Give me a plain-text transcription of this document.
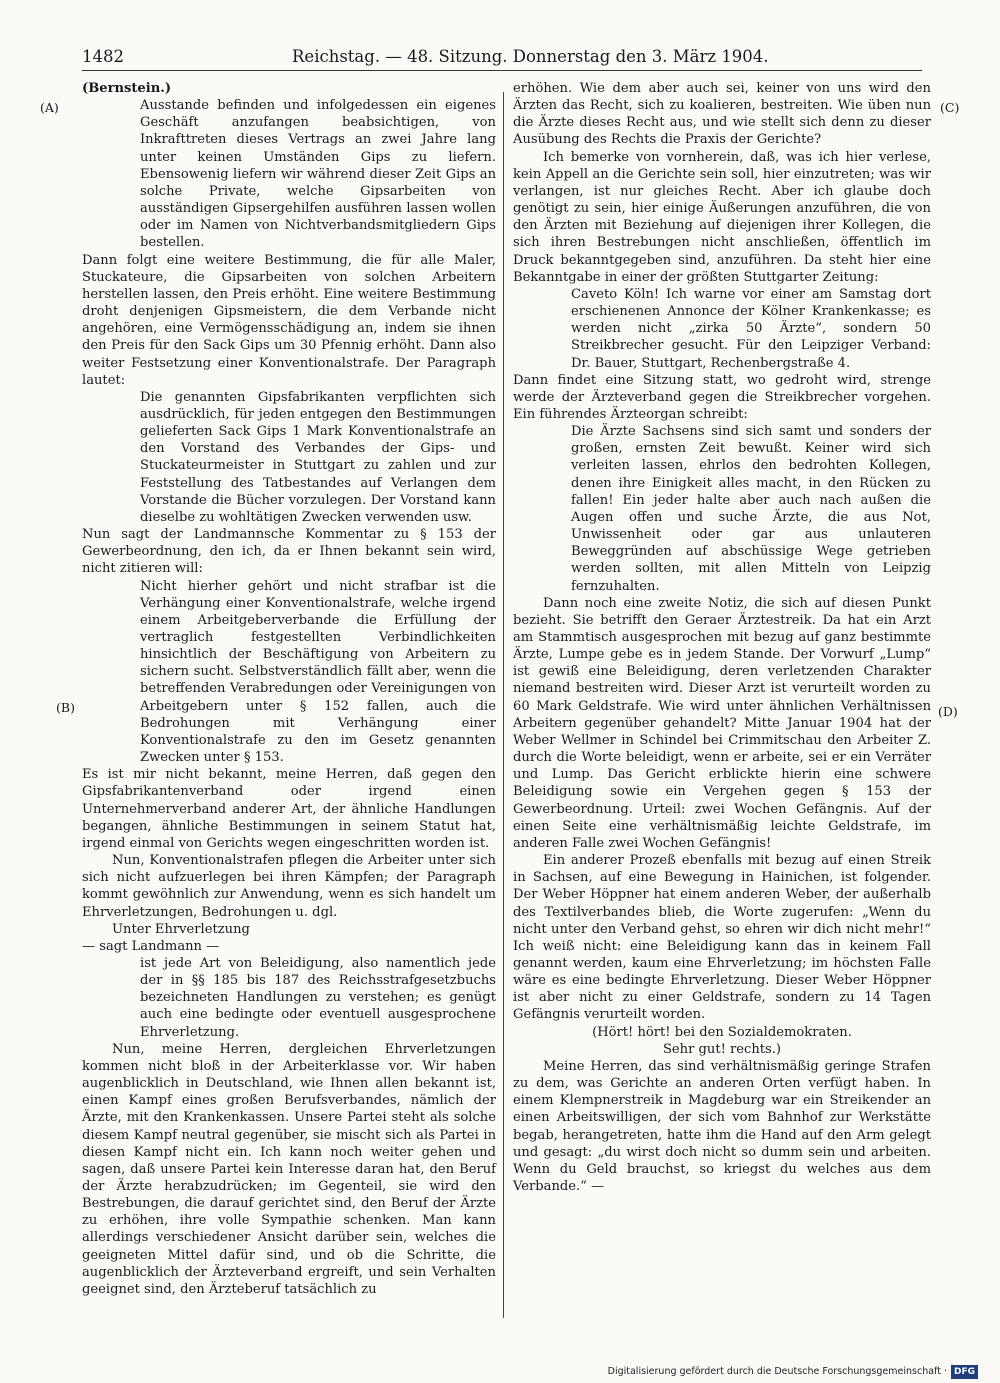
1482	Reichstag. — 48. Sitzung. Donnerstag den 3. März 1904.
(A)
(B)
(C)
(D)

(Bernstein.)

Ausstande befinden und infolgedessen ein eigenes Geschäft anzufangen beabsichtigen, von Inkrafttreten dieses Vertrags an zwei Jahre lang unter keinen Umständen Gips zu liefern. Ebensowenig liefern wir während dieser Zeit Gips an solche Private, welche Gipsarbeiten von ausständigen Gipsergehilfen ausführen lassen wollen oder im Namen von Nichtverbandsmitgliedern Gips bestellen.

Dann folgt eine weitere Bestimmung, die für alle Maler, Stuckateure, die Gipsarbeiten von solchen Arbeitern herstellen lassen, den Preis erhöht. Eine weitere Bestimmung droht denjenigen Gipsmeistern, die dem Verbande nicht angehören, eine Vermögensschädigung an, indem sie ihnen den Preis für den Sack Gips um 30 Pfennig erhöht. Dann also weiter Festsetzung einer Konventionalstrafe. Der Paragraph lautet:

Die genannten Gipsfabrikanten verpflichten sich ausdrücklich, für jeden entgegen den Bestimmungen gelieferten Sack Gips 1 Mark Konventionalstrafe an den Vorstand des Verbandes der Gips- und Stuckateurmeister in Stuttgart zu zahlen und zur Feststellung des Tatbestandes auf Verlangen dem Vorstande die Bücher vorzulegen. Der Vorstand kann dieselbe zu wohltätigen Zwecken verwenden usw.

Nun sagt der Landmannsche Kommentar zu § 153 der Gewerbeordnung, den ich, da er Ihnen bekannt sein wird, nicht zitieren will:

Nicht hierher gehört und nicht strafbar ist die Verhängung einer Konventionalstrafe, welche irgend einem Arbeitgeberverbande die Erfüllung der vertraglich festgestellten Verbindlichkeiten hinsichtlich der Beschäftigung von Arbeitern zu sichern sucht. Selbstverständlich fällt aber, wenn die betreffenden Verabredungen oder Vereinigungen von Arbeitgebern unter § 152 fallen, auch die Bedrohungen mit Verhängung einer Konventionalstrafe zu den im Gesetz genannten Zwecken unter § 153.

Es ist mir nicht bekannt, meine Herren, daß gegen den Gipsfabrikantenverband oder irgend einen Unternehmerverband anderer Art, der ähnliche Handlungen begangen, ähnliche Bestimmungen in seinem Statut hat, irgend einmal von Gerichts wegen eingeschritten worden ist.

Nun, Konventionalstrafen pflegen die Arbeiter unter sich sich nicht aufzuerlegen bei ihren Kämpfen; der Paragraph kommt gewöhnlich zur Anwendung, wenn es sich handelt um Ehrverletzungen, Bedrohungen u. dgl.

Unter Ehrverletzung

— sagt Landmann —

ist jede Art von Beleidigung, also namentlich jede der in §§ 185 bis 187 des Reichsstrafgesetzbuchs bezeichneten Handlungen zu verstehen; es genügt auch eine bedingte oder eventuell ausgesprochene Ehrverletzung.

Nun, meine Herren, dergleichen Ehrverletzungen kommen nicht bloß in der Arbeiterklasse vor. Wir haben augenblicklich in Deutschland, wie Ihnen allen bekannt ist, einen Kampf eines großen Berufsverbandes, nämlich der Ärzte, mit den Krankenkassen. Unsere Partei steht als solche diesem Kampf neutral gegenüber, sie mischt sich als Partei in diesen Kampf nicht ein. Ich kann noch weiter gehen und sagen, daß unsere Partei kein Interesse daran hat, den Beruf der Ärzte herabzudrücken; im Gegenteil, sie wird den Bestrebungen, die darauf gerichtet sind, den Beruf der Ärzte zu erhöhen, ihre volle Sympathie schenken. Man kann allerdings verschiedener Ansicht darüber sein, welches die geeigneten Mittel dafür sind, und ob die Schritte, die augenblicklich der Ärzteverband ergreift, und sein Verhalten geeignet sind, den Ärzteberuf tatsächlich zu

erhöhen. Wie dem aber auch sei, keiner von uns wird den Ärzten das Recht, sich zu koalieren, bestreiten. Wie üben nun die Ärzte dieses Recht aus, und wie stellt sich denn zu dieser Ausübung des Rechts die Praxis der Gerichte?

Ich bemerke von vornherein, daß, was ich hier verlese, kein Appell an die Gerichte sein soll, hier einzutreten; was wir verlangen, ist nur gleiches Recht. Aber ich glaube doch genötigt zu sein, hier einige Äußerungen anzuführen, die von den Ärzten mit Beziehung auf diejenigen ihrer Kollegen, die sich ihren Bestrebungen nicht anschließen, öffentlich im Druck bekanntgegeben sind, anzuführen. Da steht hier eine Bekanntgabe in einer der größten Stuttgarter Zeitung:

Caveto Köln! Ich warne vor einer am Samstag dort erschienenen Annonce der Kölner Krankenkasse; es werden nicht „zirka 50 Ärzte“, sondern 50 Streikbrecher gesucht. Für den Leipziger Verband: Dr. Bauer, Stuttgart, Rechenbergstraße 4.

Dann findet eine Sitzung statt, wo gedroht wird, strenge werde der Ärzteverband gegen die Streikbrecher vorgehen. Ein führendes Ärzteorgan schreibt:

Die Ärzte Sachsens sind sich samt und sonders der großen, ernsten Zeit bewußt. Keiner wird sich verleiten lassen, ehrlos den bedrohten Kollegen, denen ihre Einigkeit alles macht, in den Rücken zu fallen! Ein jeder halte aber auch nach außen die Augen offen und suche Ärzte, die aus Not, Unwissenheit oder gar aus unlauteren Beweggründen auf abschüssige Wege getrieben werden sollten, mit allen Mitteln von Leipzig fernzuhalten.

Dann noch eine zweite Notiz, die sich auf diesen Punkt bezieht. Sie betrifft den Geraer Ärztestreik. Da hat ein Arzt am Stammtisch ausgesprochen mit bezug auf ganz bestimmte Ärzte, Lumpe gebe es in jedem Stande. Der Vorwurf „Lump“ ist gewiß eine Beleidigung, deren verletzenden Charakter niemand bestreiten wird. Dieser Arzt ist verurteilt worden zu 60 Mark Geldstrafe. Wie wird unter ähnlichen Verhältnissen Arbeitern gegenüber gehandelt? Mitte Januar 1904 hat der Weber Wellmer in Schindel bei Crimmitschau den Arbeiter Z. durch die Worte beleidigt, wenn er arbeite, sei er ein Verräter und Lump. Das Gericht erblickte hierin eine schwere Beleidigung sowie ein Vergehen gegen § 153 der Gewerbeordnung. Urteil: zwei Wochen Gefängnis. Auf der einen Seite eine verhältnismäßig leichte Geldstrafe, im anderen Falle zwei Wochen Gefängnis!

Ein anderer Prozeß ebenfalls mit bezug auf einen Streik in Sachsen, auf eine Bewegung in Hainichen, ist folgender. Der Weber Höppner hat einem anderen Weber, der außerhalb des Textilverbandes blieb, die Worte zugerufen: „Wenn du nicht unter den Verband gehst, so ehren wir dich nicht mehr!“ Ich weiß nicht: eine Beleidigung kann das in keinem Fall genannt werden, kaum eine Ehrverletzung; im höchsten Falle wäre es eine bedingte Ehrverletzung. Dieser Weber Höppner ist aber nicht zu einer Geldstrafe, sondern zu 14 Tagen Gefängnis verurteilt worden.

(Hört! hört! bei den Sozialdemokraten.

Sehr gut! rechts.)

Meine Herren, das sind verhältnismäßig geringe Strafen zu dem, was Gerichte an anderen Orten verfügt haben. In einem Klempnerstreik in Magdeburg war ein Streikender an einen Arbeitswilligen, der sich vom Bahnhof zur Werkstätte begab, herangetreten, hatte ihm die Hand auf den Arm gelegt und gesagt: „du wirst doch nicht so dumm sein und arbeiten. Wenn du Geld brauchst, so kriegst du welches aus dem Verbande.“ —

Digitalisierung gefördert durch die Deutsche Forschungsgemeinschaft · DFG
